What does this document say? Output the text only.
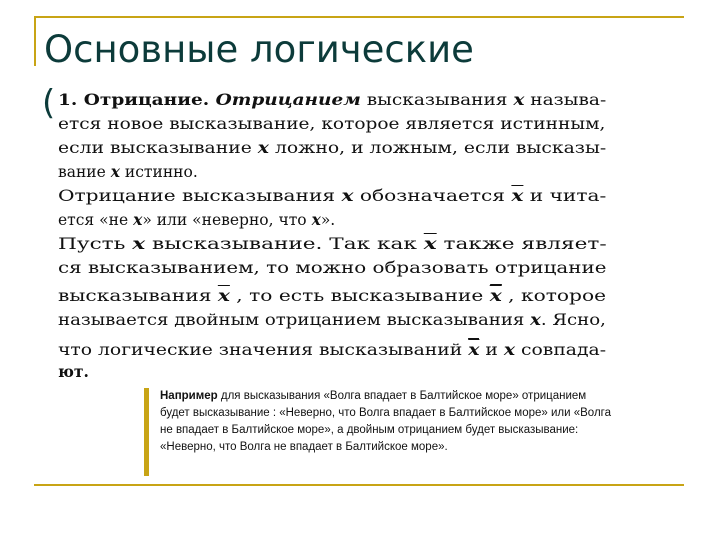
Основные логические
( 1. Отрицание. Отрицанием высказывания x называ-
ется новое высказывание, которое является истинным,
если высказывание x ложно, и ложным, если высказы-
вание x истинно.
Отрицание высказывания x обозначается $\overline{x}$ и чита-
ется «не x» или «неверно, что x».
Пусть x высказывание. Так как $\overline{x}$ также являет-
ся высказыванием, то можно образовать отрицание
высказывания $\overline{x}$ , то есть высказывание $\overline{x}$ , которое
называется двойным отрицанием высказывания x. Ясно,
что логические значения высказываний $\overline{x}$ и x совпада-
ют.
Например для высказывания «Волга впадает в Балтийское море» отрицанием будет высказывание : «Неверно, что Волга впадает в Балтийское море» или «Волга не впадает в Балтийское море», а двойным отрицанием будет высказывание: «Неверно, что Волга не впадает в Балтийское море».
